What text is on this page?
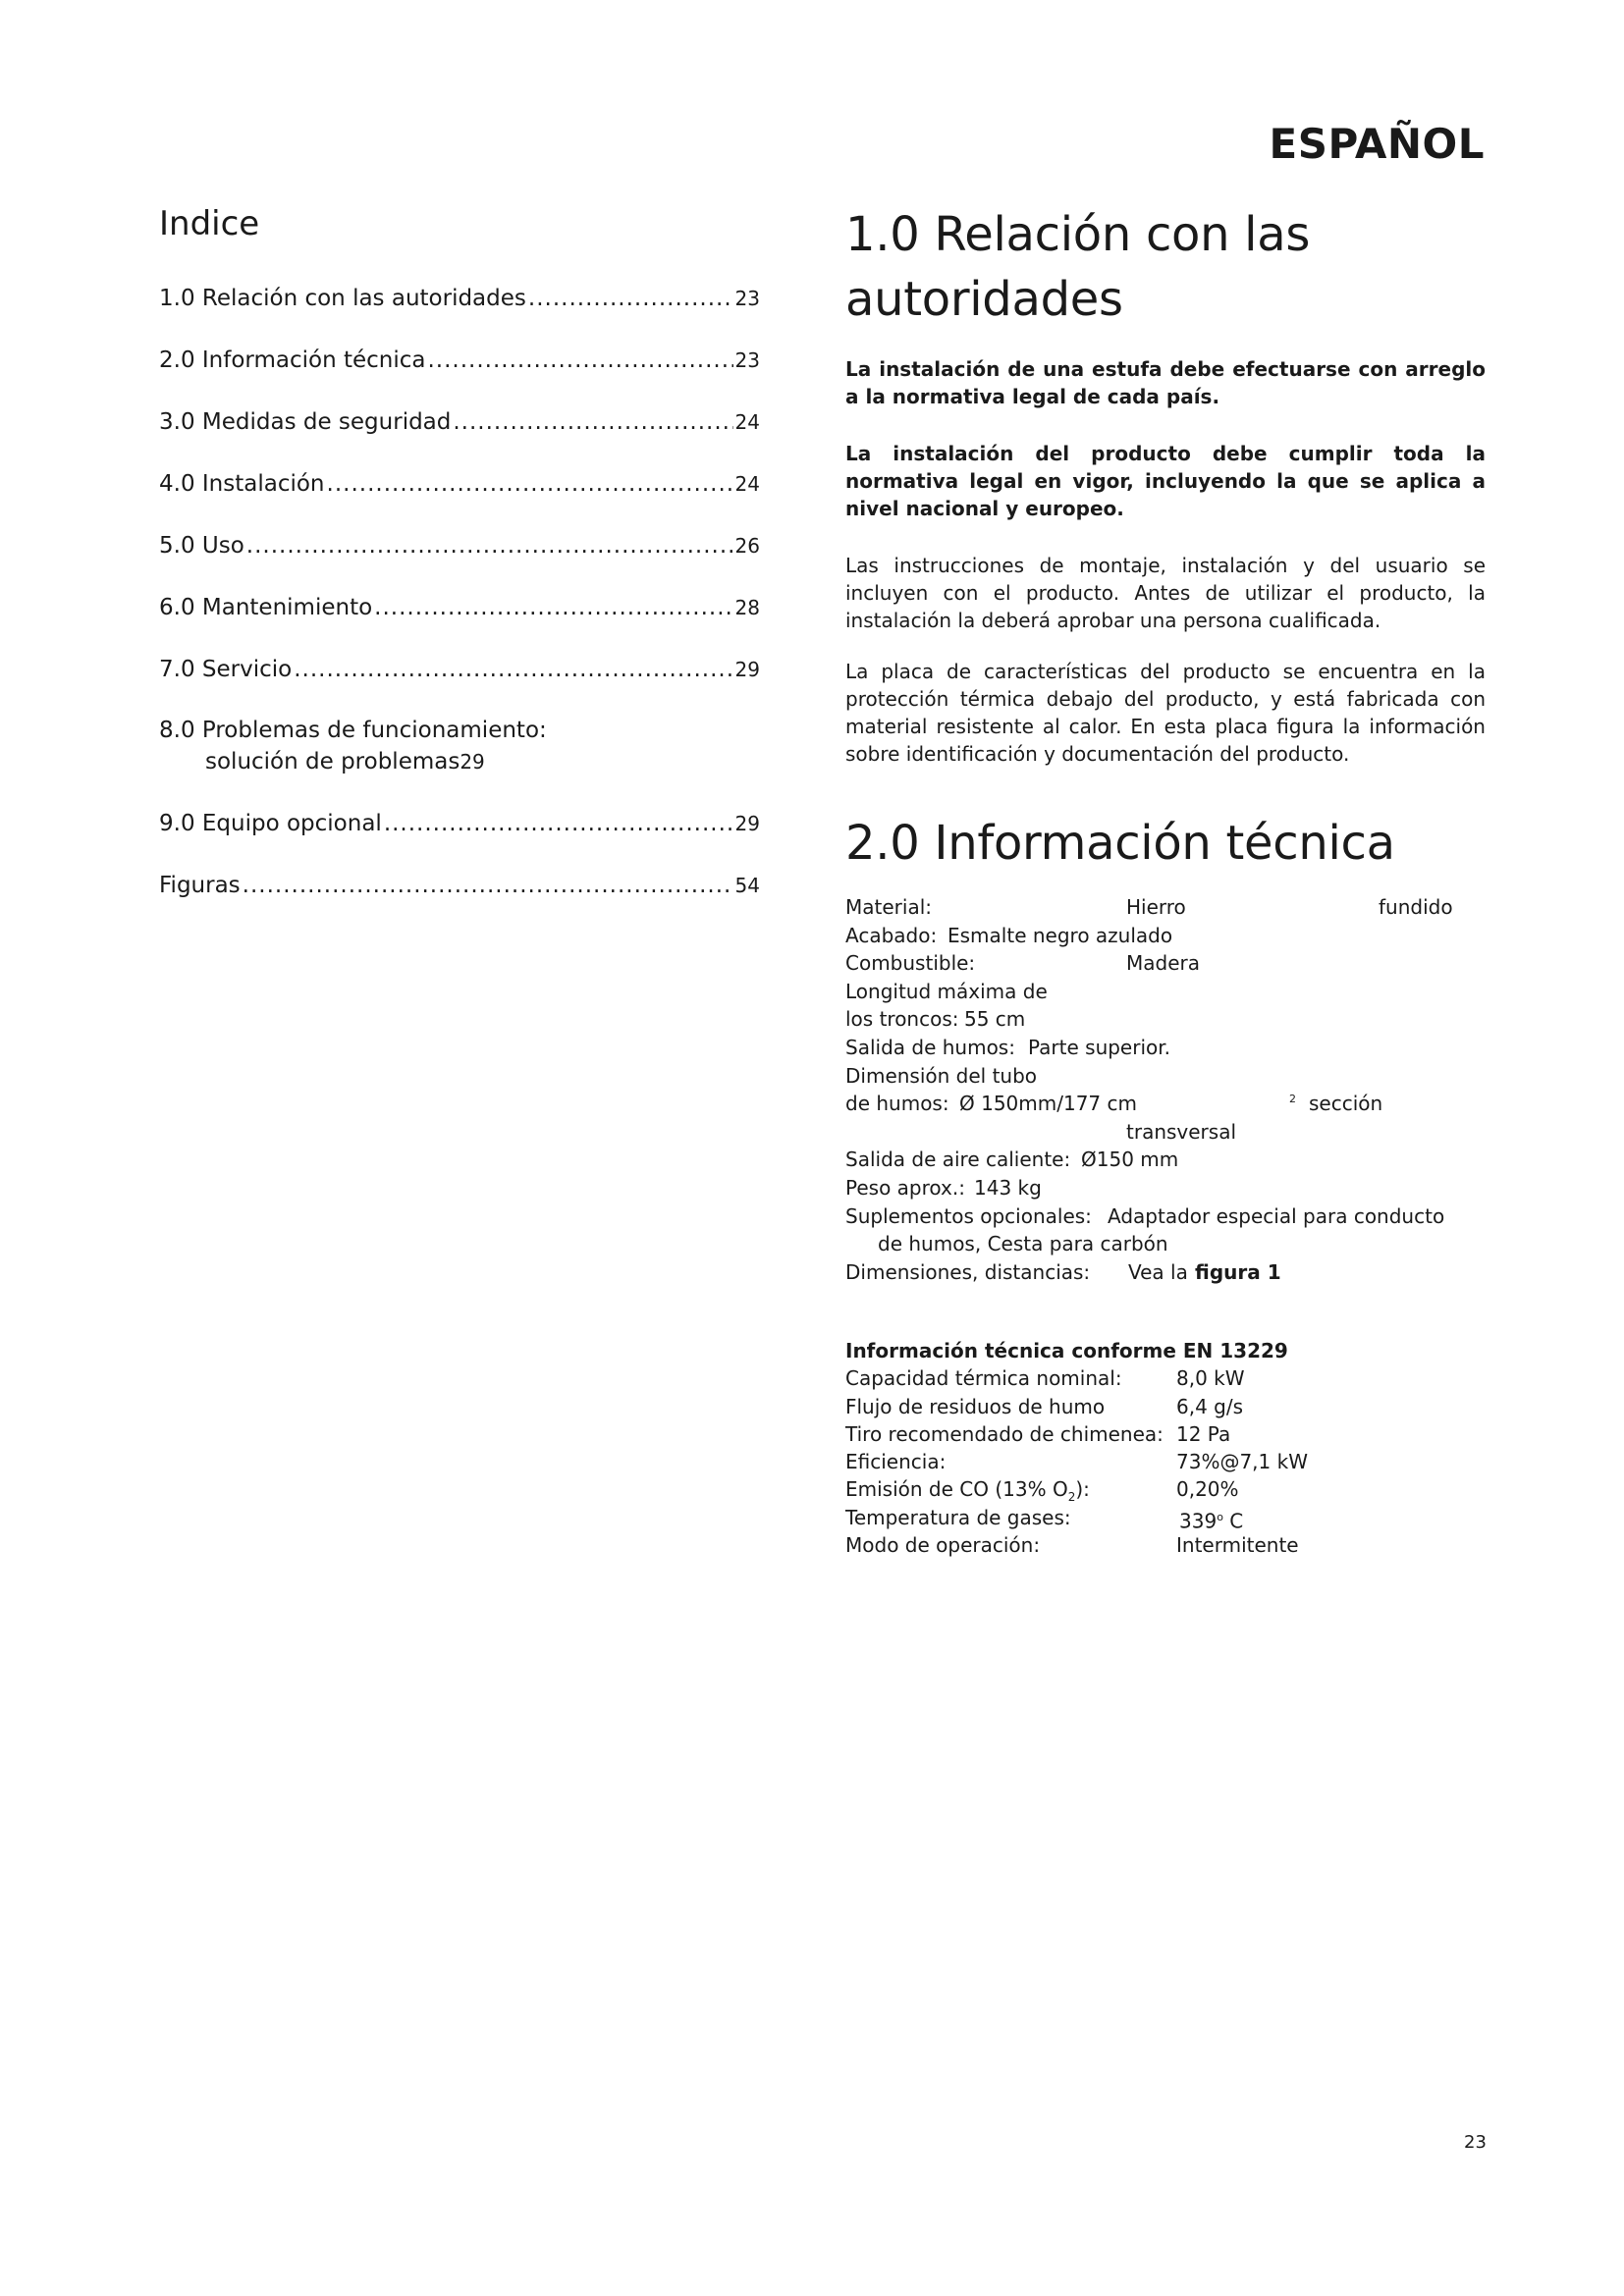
ESPAÑOL
Indice
1.0 Relación con las autoridades .....	23
2.0 Información técnica .....	23
3.0 Medidas de seguridad .....	24
4.0 Instalación .....	24
5.0 Uso .....	26
6.0 Mantenimiento .....	28
7.0 Servicio .....	29
8.0 Problemas de funcionamiento:
solución de problemas 29
9.0 Equipo opcional .....	29
Figuras .....	54
1.0 Relación con las autoridades

La instalación de una estufa debe efectuarse con arreglo a la normativa legal de cada país.

La instalación del producto debe cumplir toda la normativa legal en vigor, incluyendo la que se aplica a nivel nacional y europeo.

Las instrucciones de montaje, instalación y del usuario se incluyen con el producto. Antes de utilizar el producto, la instalación la deberá aprobar una persona cualificada.

La placa de características del producto se encuentra en la protección térmica debajo del producto, y está fabricada con material resistente al calor. En esta placa figura la información sobre identificación y documentación del producto.

2.0 Información técnica
Material:	Hierro	fundido
Acabado: Esmalte negro azulado
Combustible:	Madera
Longitud máxima de
los troncos: 55 cm
Salida de humos: Parte superior.
Dimensión del tubo
de humos: Ø 150mm/177 cm	2 sección
transversal
Salida de aire caliente: Ø150 mm
Peso aprox.: 143 kg
Suplementos opcionales: Adaptador especial para conducto
de humos, Cesta para carbón
Dimensiones, distancias: Vea la figura 1
Información técnica conforme EN 13229
Capacidad térmica nominal:	8,0 kW
Flujo de residuos de humo	6,4 g/s
Tiro recomendado de chimenea: 12 Pa
Eficiencia:	73%@7,1 kW
Emisión de CO (13% $O_2$):	0,20%
Temperatura de gases:	339$^o$ C
Modo de operación:	Intermitente
23
